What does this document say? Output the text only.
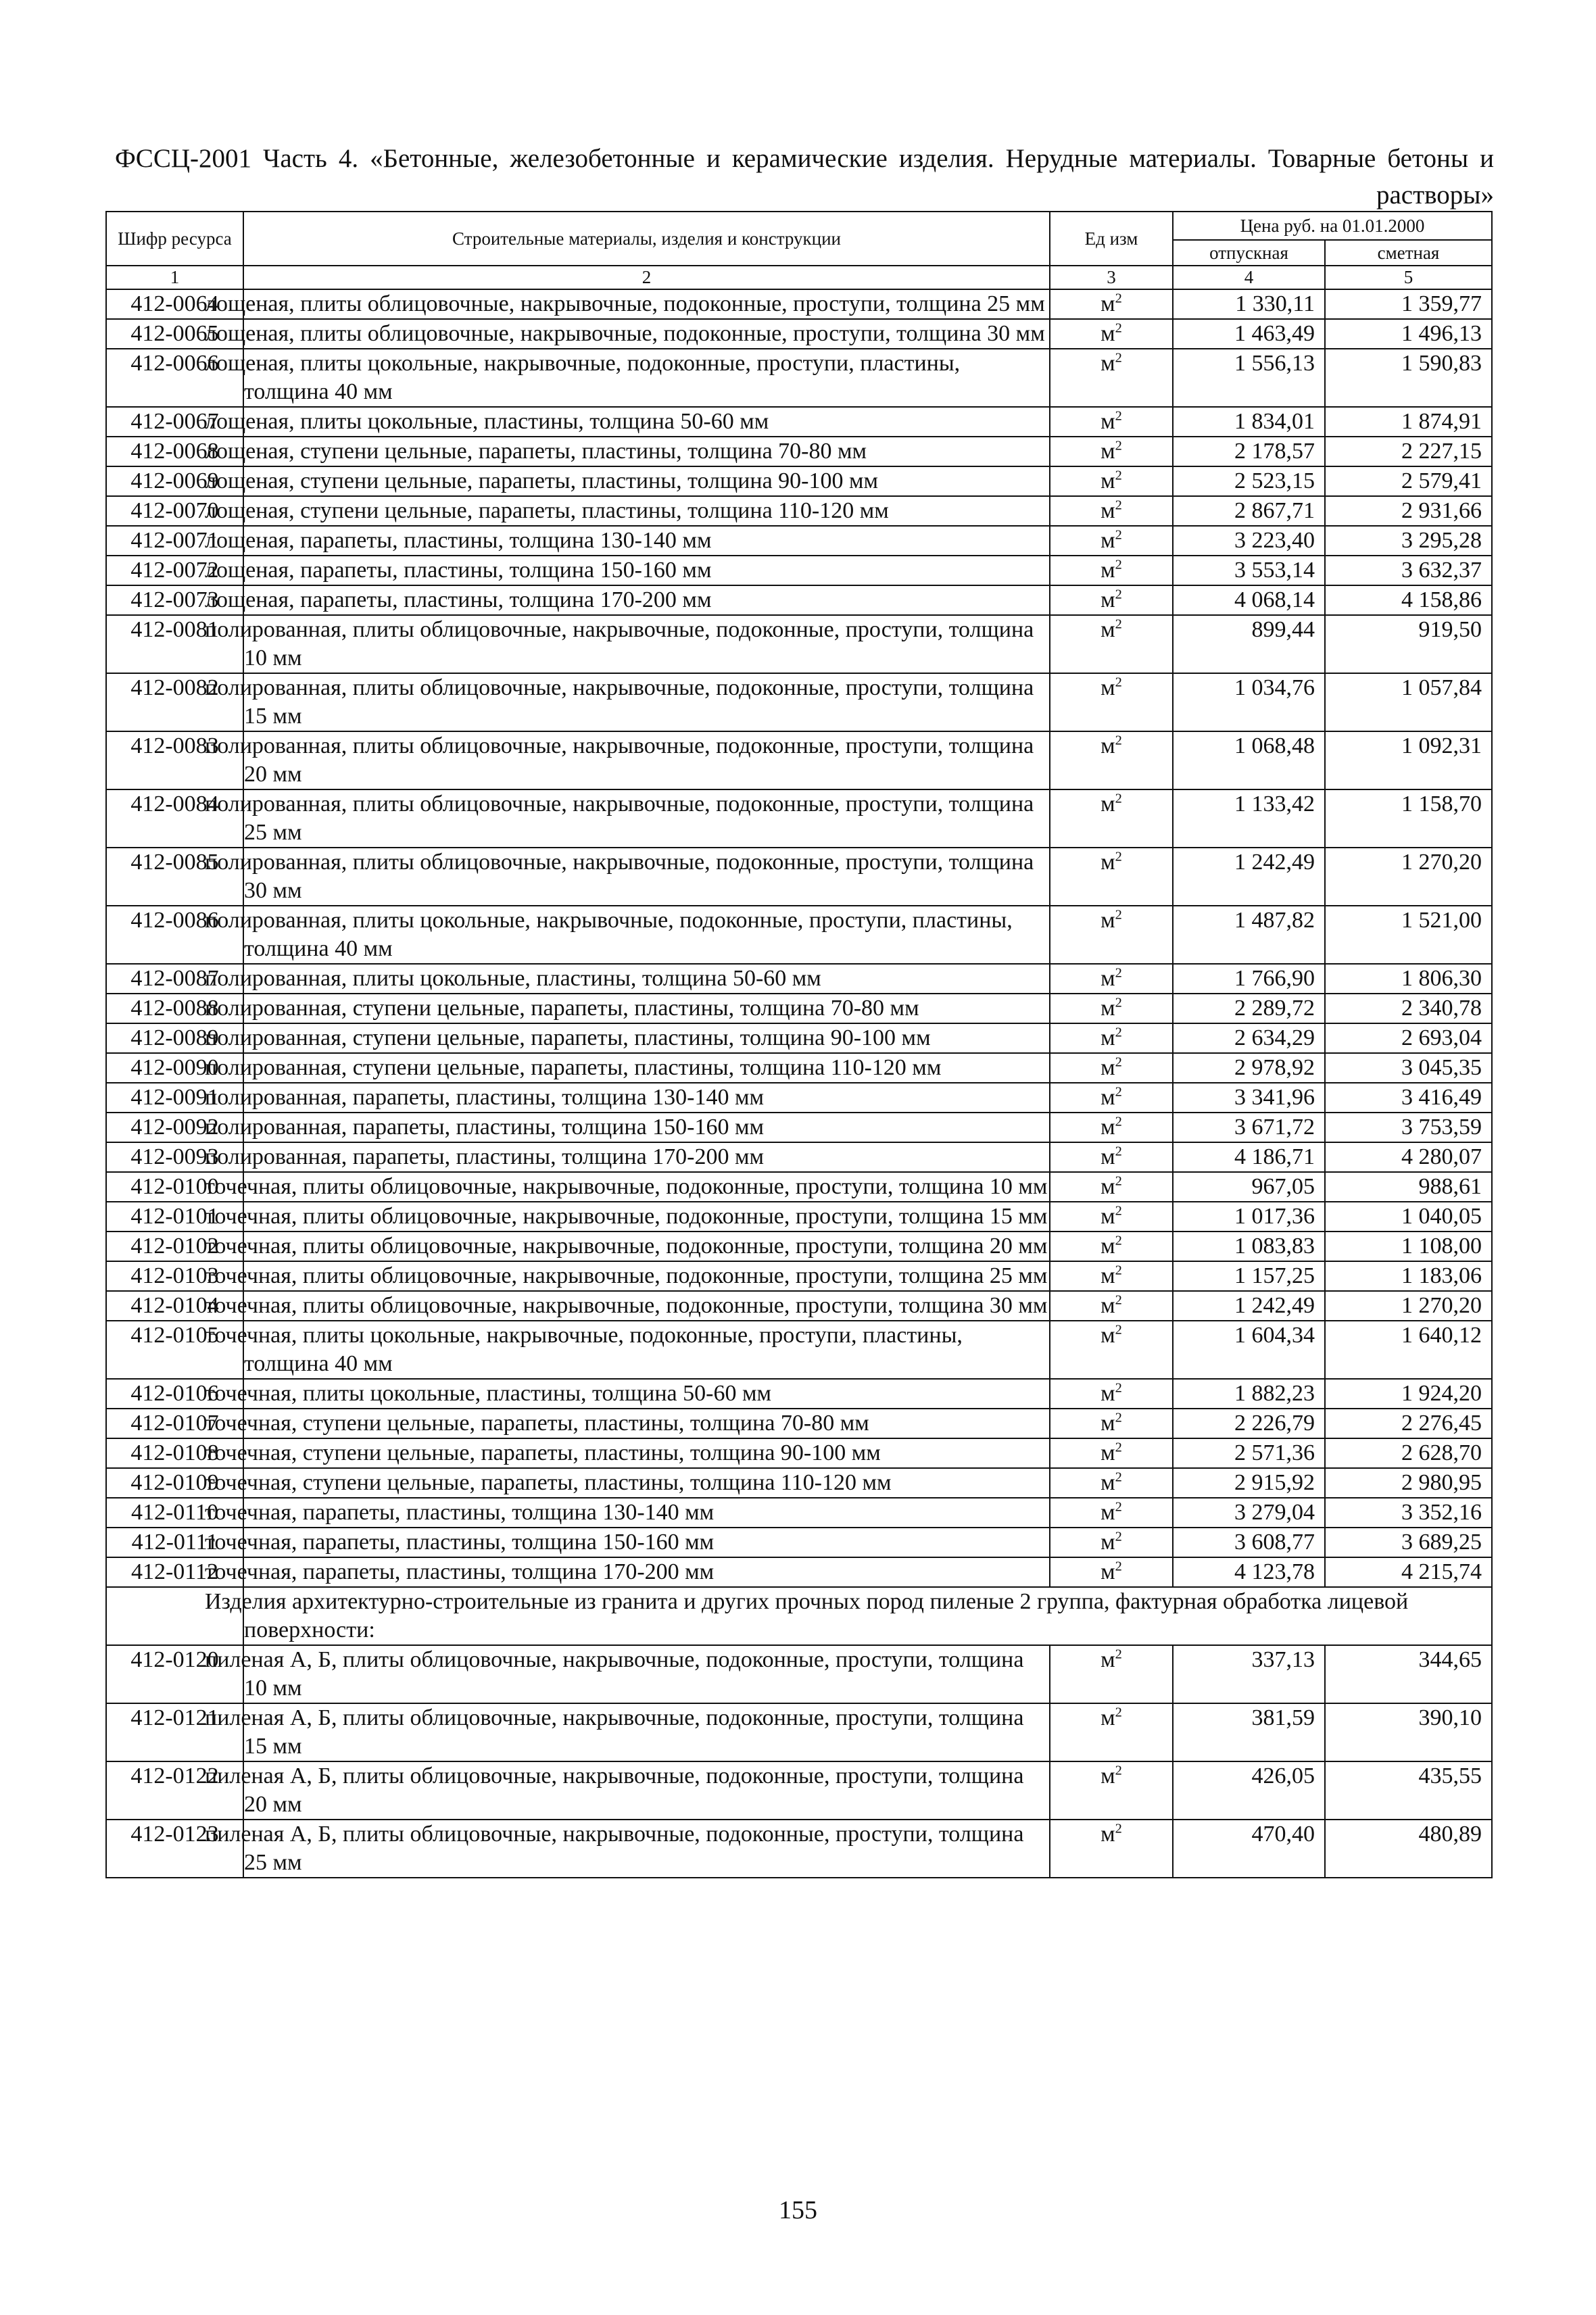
ФССЦ-2001 Часть 4. «Бетонные, железобетонные и керамические изделия. Нерудные материалы. Товарные бетоны и растворы»
Шифр ресурса	Строительные материалы, изделия и конструкции	Ед изм	Цена руб. на 01.01.2000	
			отпускная	сметная
1	2	3	4	5
412-0064	лощеная, плиты облицовочные, накрывочные, подоконные, проступи, толщина 25 мм	$м^2$	1 330,11	1 359,77
412-0065	лощеная, плиты облицовочные, накрывочные, подоконные, проступи, толщина 30 мм	$м^2$	1 463,49	1 496,13
412-0066	лощеная, плиты цокольные, накрывочные, подоконные, проступи, пластины, толщина 40 мм	$м^2$	1 556,13	1 590,83
412-0067	лощеная, плиты цокольные, пластины, толщина 50-60 мм	$м^2$	1 834,01	1 874,91
412-0068	лощеная, ступени цельные, парапеты, пластины, толщина 70-80 мм	$м^2$	2 178,57	2 227,15
412-0069	лощеная, ступени цельные, парапеты, пластины, толщина 90-100 мм	$м^2$	2 523,15	2 579,41
412-0070	лощеная, ступени цельные, парапеты, пластины, толщина 110-120 мм	$м^2$	2 867,71	2 931,66
412-0071	лощеная, парапеты, пластины, толщина 130-140 мм	$м^2$	3 223,40	3 295,28
412-0072	лощеная, парапеты, пластины, толщина 150-160 мм	$м^2$	3 553,14	3 632,37
412-0073	лощеная, парапеты, пластины, толщина 170-200 мм	$м^2$	4 068,14	4 158,86
412-0081	полированная, плиты облицовочные, накрывочные, подоконные, проступи, толщина 10 мм	$м^2$	899,44	919,50
412-0082	полированная, плиты облицовочные, накрывочные, подоконные, проступи, толщина 15 мм	$м^2$	1 034,76	1 057,84
412-0083	полированная, плиты облицовочные, накрывочные, подоконные, проступи, толщина 20 мм	$м^2$	1 068,48	1 092,31
412-0084	полированная, плиты облицовочные, накрывочные, подоконные, проступи, толщина 25 мм	$м^2$	1 133,42	1 158,70
412-0085	полированная, плиты облицовочные, накрывочные, подоконные, проступи, толщина 30 мм	$м^2$	1 242,49	1 270,20
412-0086	полированная, плиты цокольные, накрывочные, подоконные, проступи, пластины, толщина 40 мм	$м^2$	1 487,82	1 521,00
412-0087	полированная, плиты цокольные, пластины, толщина 50-60 мм	$м^2$	1 766,90	1 806,30
412-0088	полированная, ступени цельные, парапеты, пластины, толщина 70-80 мм	$м^2$	2 289,72	2 340,78
412-0089	полированная, ступени цельные, парапеты, пластины, толщина 90-100 мм	$м^2$	2 634,29	2 693,04
412-0090	полированная, ступени цельные, парапеты, пластины, толщина 110-120 мм	$м^2$	2 978,92	3 045,35
412-0091	полированная, парапеты, пластины, толщина 130-140 мм	$м^2$	3 341,96	3 416,49
412-0092	полированная, парапеты, пластины, толщина 150-160 мм	$м^2$	3 671,72	3 753,59
412-0093	полированная, парапеты, пластины, толщина 170-200 мм	$м^2$	4 186,71	4 280,07
412-0100	точечная, плиты облицовочные, накрывочные, подоконные, проступи, толщина 10 мм	$м^2$	967,05	988,61
412-0101	точечная, плиты облицовочные, накрывочные, подоконные, проступи, толщина 15 мм	$м^2$	1 017,36	1 040,05
412-0102	точечная, плиты облицовочные, накрывочные, подоконные, проступи, толщина 20 мм	$м^2$	1 083,83	1 108,00
412-0103	точечная, плиты облицовочные, накрывочные, подоконные, проступи, толщина 25 мм	$м^2$	1 157,25	1 183,06
412-0104	точечная, плиты облицовочные, накрывочные, подоконные, проступи, толщина 30 мм	$м^2$	1 242,49	1 270,20
412-0105	точечная, плиты цокольные, накрывочные, подоконные, проступи, пластины, толщина 40 мм	$м^2$	1 604,34	1 640,12
412-0106	точечная, плиты цокольные, пластины, толщина 50-60 мм	$м^2$	1 882,23	1 924,20
412-0107	точечная, ступени цельные, парапеты, пластины, толщина 70-80 мм	$м^2$	2 226,79	2 276,45
412-0108	точечная, ступени цельные, парапеты, пластины, толщина 90-100 мм	$м^2$	2 571,36	2 628,70
412-0109	точечная, ступени цельные, парапеты, пластины, толщина 110-120 мм	$м^2$	2 915,92	2 980,95
412-0110	точечная, парапеты, пластины, толщина 130-140 мм	$м^2$	3 279,04	3 352,16
412-0111	точечная, парапеты, пластины, толщина 150-160 мм	$м^2$	3 608,77	3 689,25
412-0112	точечная, парапеты, пластины, толщина 170-200 мм	$м^2$	4 123,78	4 215,74
	Изделия архитектурно-строительные из гранита и других прочных пород пиленые 2 группа, фактурная обработка лицевой поверхности:			
412-0120	пиленая А, Б, плиты облицовочные, накрывочные, подоконные, проступи, толщина 10 мм	$м^2$	337,13	344,65
412-0121	пиленая А, Б, плиты облицовочные, накрывочные, подоконные, проступи, толщина 15 мм	$м^2$	381,59	390,10
412-0122	пиленая А, Б, плиты облицовочные, накрывочные, подоконные, проступи, толщина 20 мм	$м^2$	426,05	435,55
412-0123	пиленая А, Б, плиты облицовочные, накрывочные, подоконные, проступи, толщина 25 мм	$м^2$	470,40	480,89
155
